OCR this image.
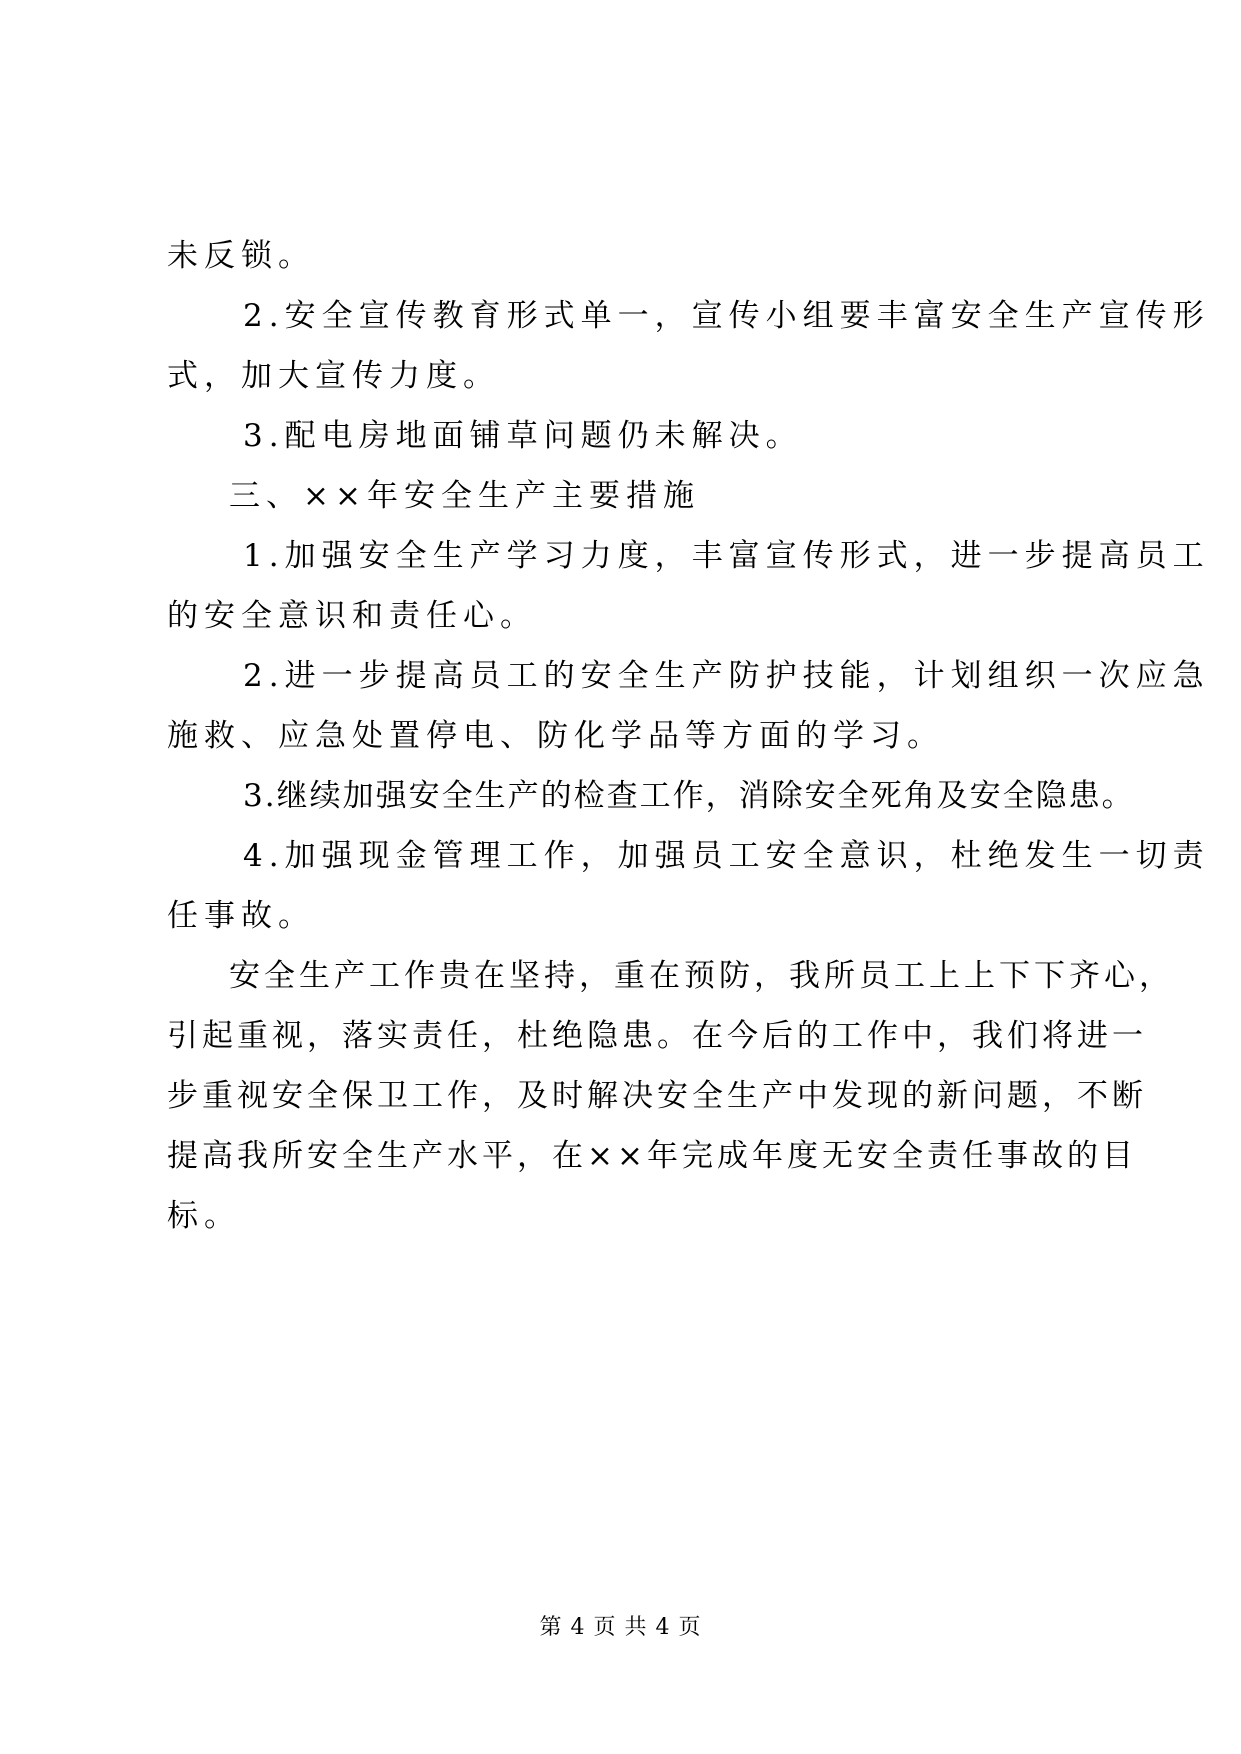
未反锁。
2.安全宣传教育形式单一，宣传小组要丰富安全生产宣传形
式，加大宣传力度。
3.配电房地面铺草问题仍未解决。
三、××年安全生产主要措施
1.加强安全生产学习力度，丰富宣传形式，进一步提高员工
的安全意识和责任心。
2.进一步提高员工的安全生产防护技能，计划组织一次应急
施救、应急处置停电、防化学品等方面的学习。
3.继续加强安全生产的检查工作，消除安全死角及安全隐患。
4.加强现金管理工作，加强员工安全意识，杜绝发生一切责
任事故。
安全生产工作贵在坚持，重在预防，我所员工上上下下齐心，
引起重视，落实责任，杜绝隐患。在今后的工作中，我们将进一
步重视安全保卫工作，及时解决安全生产中发现的新问题，不断
提高我所安全生产水平，在××年完成年度无安全责任事故的目
标。
第 4 页 共 4 页
